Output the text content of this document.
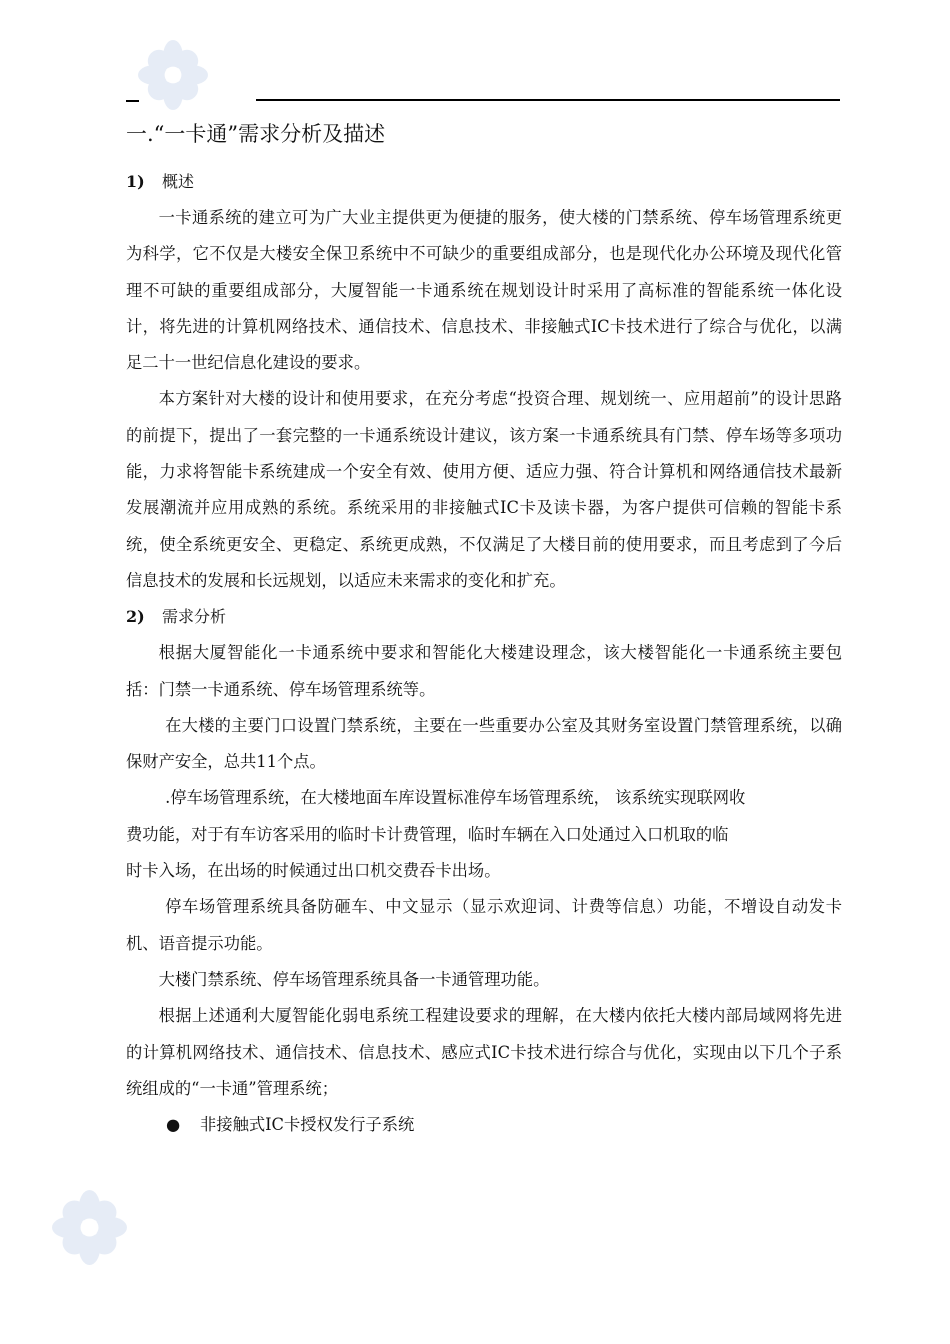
一.“一卡通”需求分析及描述

1) 概述

一卡通系统的建立可为广大业主提供更为便捷的服务，使大楼的门禁系统、停车场管理系统更为科学，它不仅是大楼安全保卫系统中不可缺少的重要组成部分，也是现代化办公环境及现代化管理不可缺的重要组成部分，大厦智能一卡通系统在规划设计时采用了高标准的智能系统一体化设计，将先进的计算机网络技术、通信技术、信息技术、非接触式IC卡技术进行了综合与优化，以满足二十一世纪信息化建设的要求。

本方案针对大楼的设计和使用要求，在充分考虑“投资合理、规划统一、应用超前”的设计思路的前提下，提出了一套完整的一卡通系统设计建议，该方案一卡通系统具有门禁、停车场等多项功能，力求将智能卡系统建成一个安全有效、使用方便、适应力强、符合计算机和网络通信技术最新发展潮流并应用成熟的系统。系统采用的非接触式IC卡及读卡器，为客户提供可信赖的智能卡系统，使全系统更安全、更稳定、系统更成熟，不仅满足了大楼目前的使用要求，而且考虑到了今后信息技术的发展和长远规划，以适应未来需求的变化和扩充。

2) 需求分析

根据大厦智能化一卡通系统中要求和智能化大楼建设理念，该大楼智能化一卡通系统主要包括：门禁一卡通系统、停车场管理系统等。

在大楼的主要门口设置门禁系统，主要在一些重要办公室及其财务室设置门禁管理系统，以确保财产安全，总共11个点。

.停车场管理系统，在大楼地面车库设置标准停车场管理系统， 该系统实现联网收

费功能，对于有车访客采用的临时卡计费管理，临时车辆在入口处通过入口机取的临

时卡入场，在出场的时候通过出口机交费吞卡出场。

停车场管理系统具备防砸车、中文显示（显示欢迎词、计费等信息）功能，不增设自动发卡机、语音提示功能。

大楼门禁系统、停车场管理系统具备一卡通管理功能。

根据上述通利大厦智能化弱电系统工程建设要求的理解，在大楼内依托大楼内部局域网将先进的计算机网络技术、通信技术、信息技术、感应式IC卡技术进行综合与优化，实现由以下几个子系统组成的“一卡通”管理系统；

● 非接触式IC卡授权发行子系统
